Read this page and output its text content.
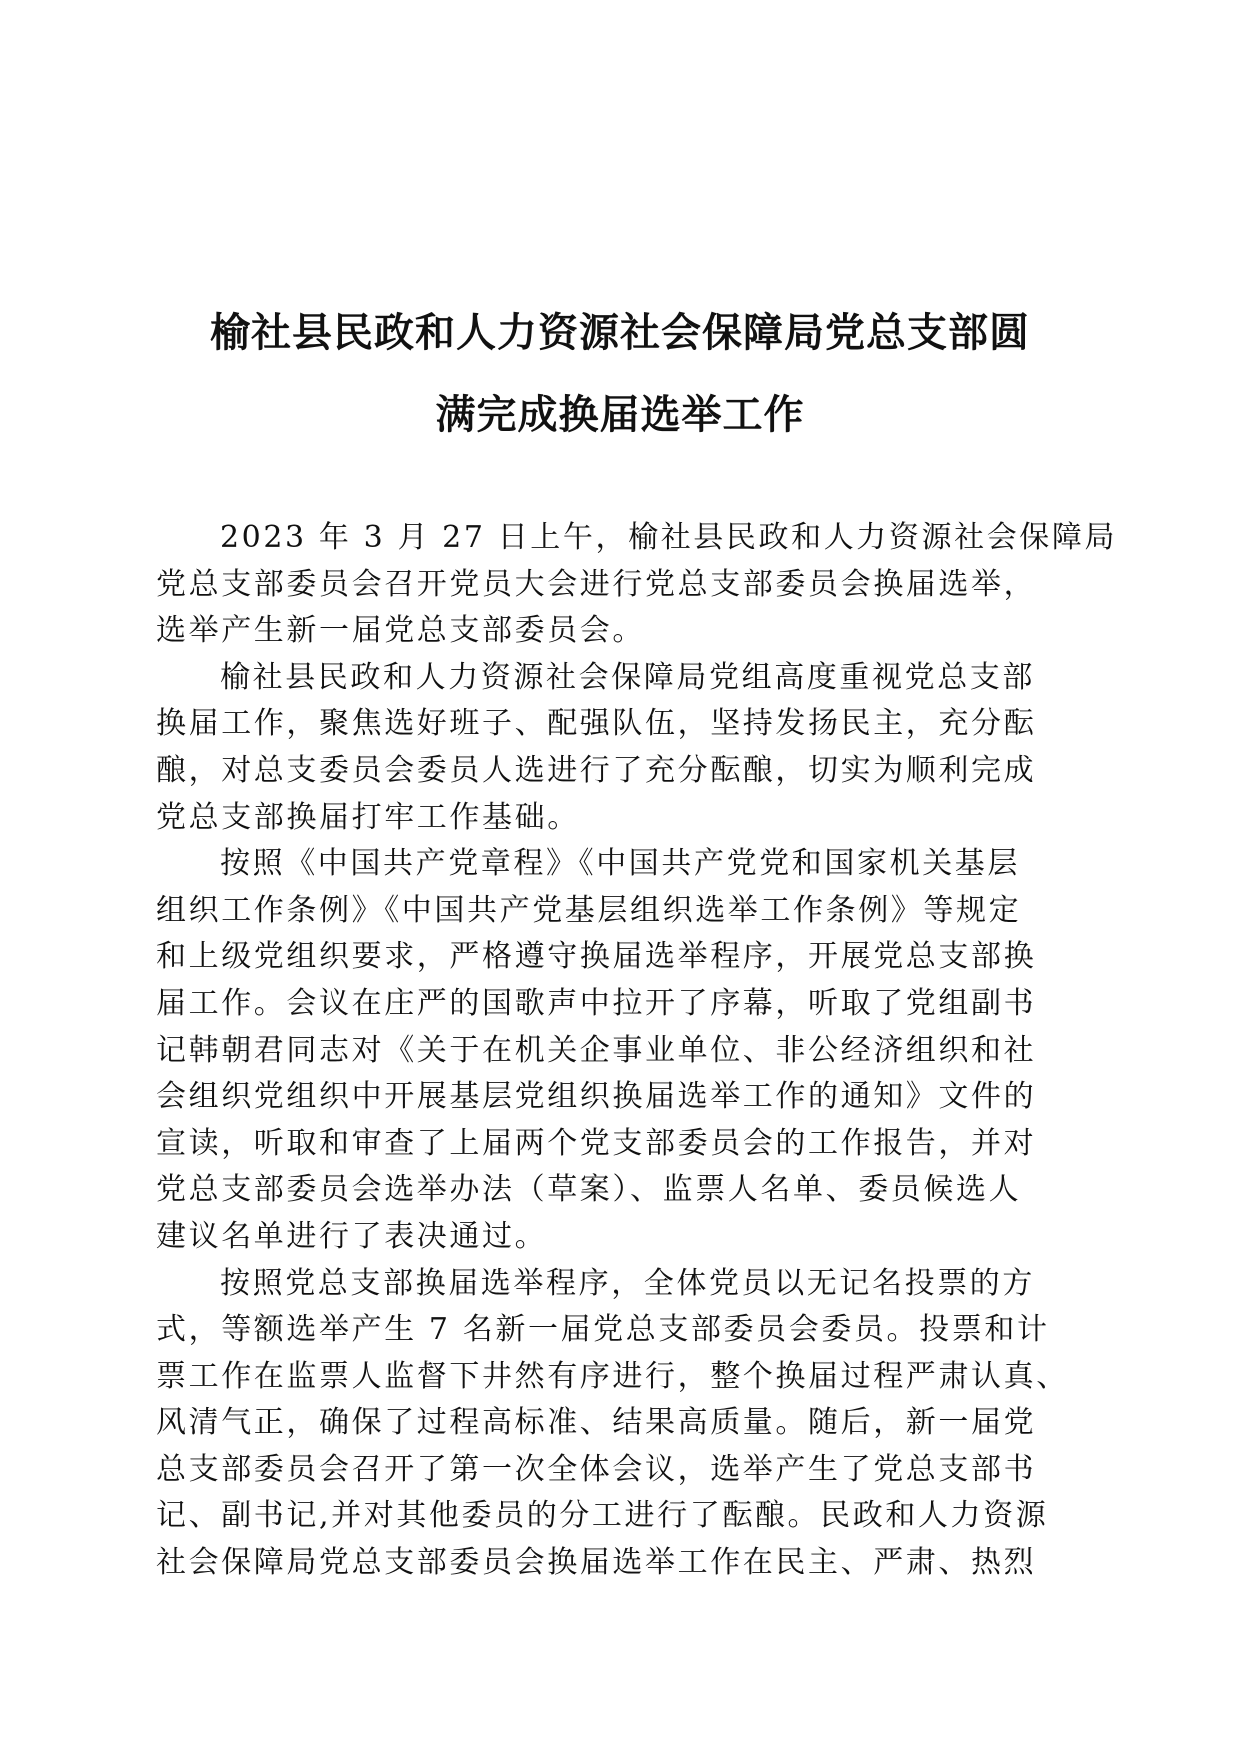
榆社县民政和人力资源社会保障局党总支部圆
满完成换届选举工作

2023 年 3 月 27 日上午，榆社县民政和人力资源社会保障局
党总支部委员会召开党员大会进行党总支部委员会换届选举，
选举产生新一届党总支部委员会。

榆社县民政和人力资源社会保障局党组高度重视党总支部
换届工作，聚焦选好班子、配强队伍，坚持发扬民主，充分酝
酿，对总支委员会委员人选进行了充分酝酿，切实为顺利完成
党总支部换届打牢工作基础。

按照《中国共产党章程》《中国共产党党和国家机关基层
组织工作条例》《中国共产党基层组织选举工作条例》等规定
和上级党组织要求，严格遵守换届选举程序，开展党总支部换
届工作。会议在庄严的国歌声中拉开了序幕，听取了党组副书
记韩朝君同志对《关于在机关企事业单位、非公经济组织和社
会组织党组织中开展基层党组织换届选举工作的通知》文件的
宣读，听取和审查了上届两个党支部委员会的工作报告，并对
党总支部委员会选举办法（草案）、监票人名单、委员候选人
建议名单进行了表决通过。

按照党总支部换届选举程序，全体党员以无记名投票的方
式，等额选举产生 7 名新一届党总支部委员会委员。投票和计
票工作在监票人监督下井然有序进行，整个换届过程严肃认真、
风清气正，确保了过程高标准、结果高质量。随后，新一届党
总支部委员会召开了第一次全体会议，选举产生了党总支部书
记、副书记,并对其他委员的分工进行了酝酿。民政和人力资源
社会保障局党总支部委员会换届选举工作在民主、严肃、热烈
